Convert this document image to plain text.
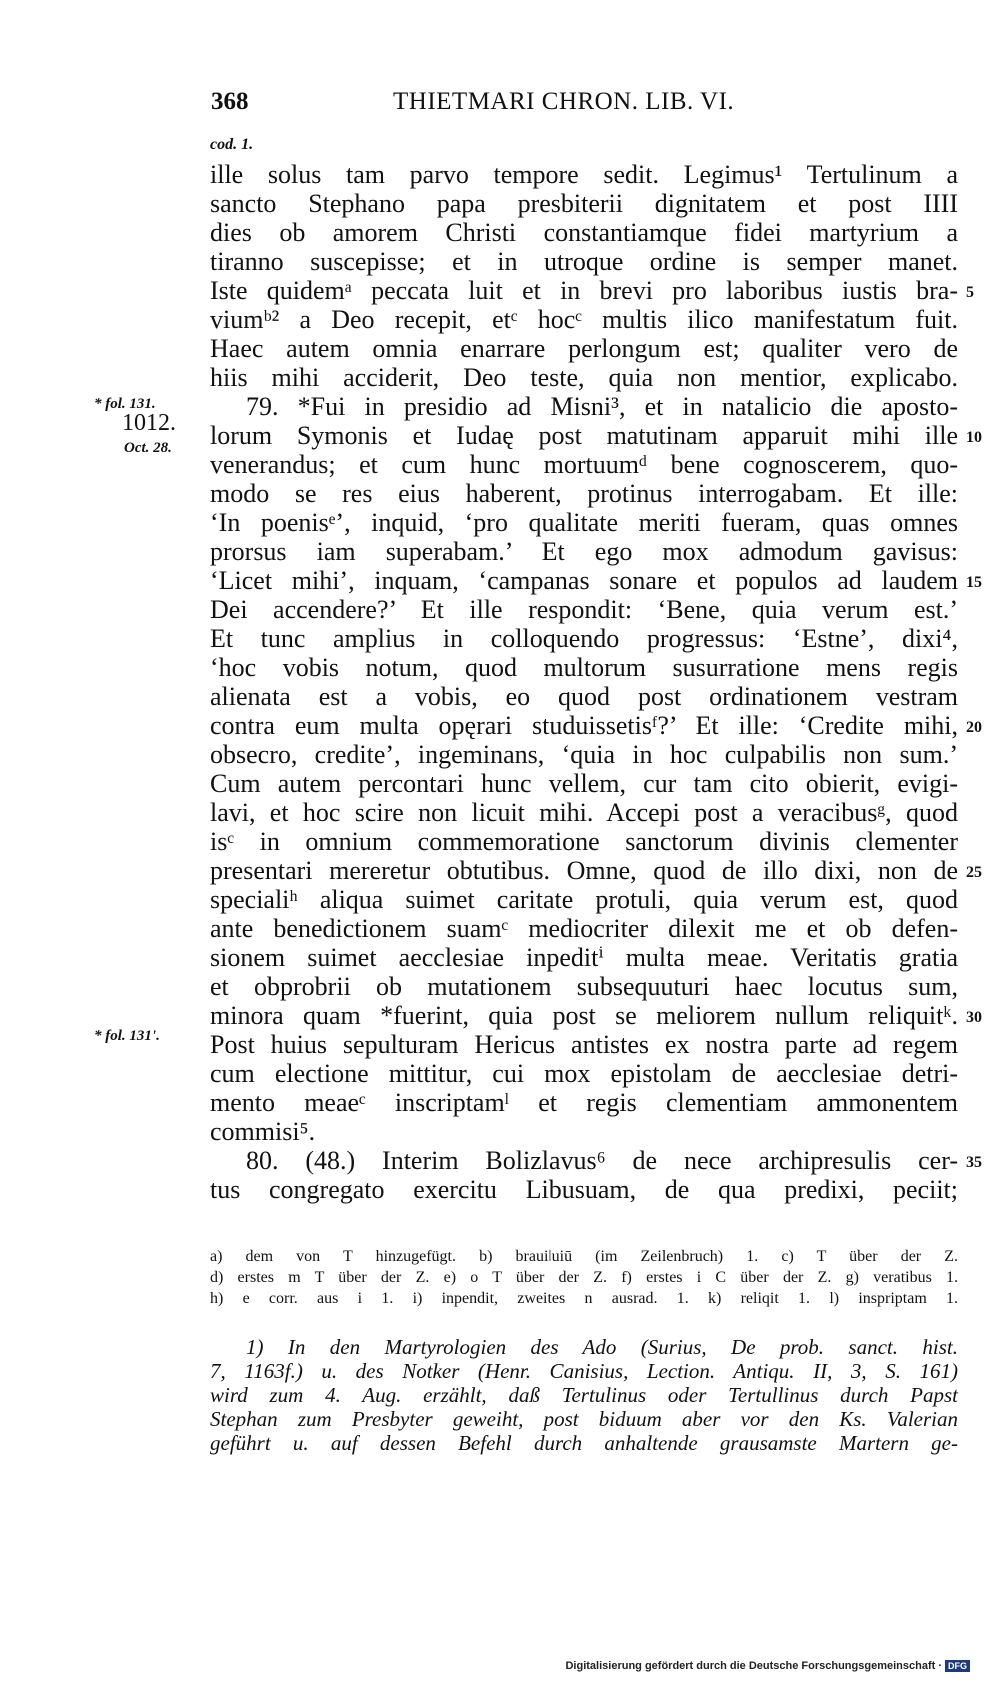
368	THIETMARI CHRON. LIB. VI.
cod. 1.
ille solus tam parvo tempore sedit. Legimus¹ Tertulinum a
sancto Stephano papa presbiterii dignitatem et post IIII
dies ob amorem Christi constantiamque fidei martyrium a
tiranno suscepisse; et in utroque ordine is semper manet.
Iste quidemᵃ peccata luit et in brevi pro laboribus iustis bra-
viumᵇ² a Deo recepit, etᶜ hocᶜ multis ilico manifestatum fuit.
Haec autem omnia enarrare perlongum est; qualiter vero de
hiis mihi acciderit, Deo teste, quia non mentior, explicabo.
79. *Fui in presidio ad Misni³, et in natalicio die aposto-
lorum Symonis et Iudaę post matutinam apparuit mihi ille
venerandus; et cum hunc mortuumᵈ bene cognoscerem, quo-
modo se res eius haberent, protinus interrogabam. Et ille:
‘In poenisᵉ’, inquid, ‘pro qualitate meriti fueram, quas omnes
prorsus iam superabam.’ Et ego mox admodum gavisus:
‘Licet mihi’, inquam, ‘campanas sonare et populos ad laudem
Dei accendere?’ Et ille respondit: ‘Bene, quia verum est.’
Et tunc amplius in colloquendo progressus: ‘Estne’, dixi⁴,
‘hoc vobis notum, quod multorum susurratione mens regis
alienata est a vobis, eo quod post ordinationem vestram
contra eum multa opęrari studuissetisᶠ?’ Et ille: ‘Credite mihi,
obsecro, credite’, ingeminans, ‘quia in hoc culpabilis non sum.’
Cum autem percontari hunc vellem, cur tam cito obierit, evigi-
lavi, et hoc scire non licuit mihi. Accepi post a veracibusᵍ, quod
isᶜ in omnium commemoratione sanctorum divinis clementer
presentari mereretur obtutibus. Omne, quod de illo dixi, non de
specialiʰ aliqua suimet caritate protuli, quia verum est, quod
ante benedictionem suamᶜ mediocriter dilexit me et ob defen-
sionem suimet aecclesiae inpeditⁱ multa meae. Veritatis gratia
et obprobrii ob mutationem subsequuturi haec locutus sum,
minora quam *fuerint, quia post se meliorem nullum reliquitᵏ.
Post huius sepulturam Hericus antistes ex nostra parte ad regem
cum electione mittitur, cui mox epistolam de aecclesiae detri-
mento meaeᶜ inscriptamˡ et regis clementiam ammonentem
commisi⁵.
80. (48.) Interim Bolizlavus⁶ de nece archipresulis cer-
tus congregato exercitu Libusuam, de qua predixi, peciit;
5
10
15
20
25
30
35
* fol. 131.
1012.
Oct. 28.
* fol. 131'.
a) dem von T hinzugefügt. b) brauiǀuiū (im Zeilenbruch) 1. c) T über der Z.
d) erstes m T über der Z. e) o T über der Z. f) erstes i C über der Z. g) veratibus 1.
h) e corr. aus i 1. i) inpendit, zweites n ausrad. 1. k) reliqit 1. l) inspriptam 1.
1) In den Martyrologien des Ado (Surius, De prob. sanct. hist.
7, 1163f.) u. des Notker (Henr. Canisius, Lection. Antiqu. II, 3, S. 161)
wird zum 4. Aug. erzählt, daß Tertulinus oder Tertullinus durch Papst
Stephan zum Presbyter geweiht, post biduum aber vor den Ks. Valerian
geführt u. auf dessen Befehl durch anhaltende grausamste Martern ge-
Digitalisierung gefördert durch die Deutsche Forschungsgemeinschaft · DFG
